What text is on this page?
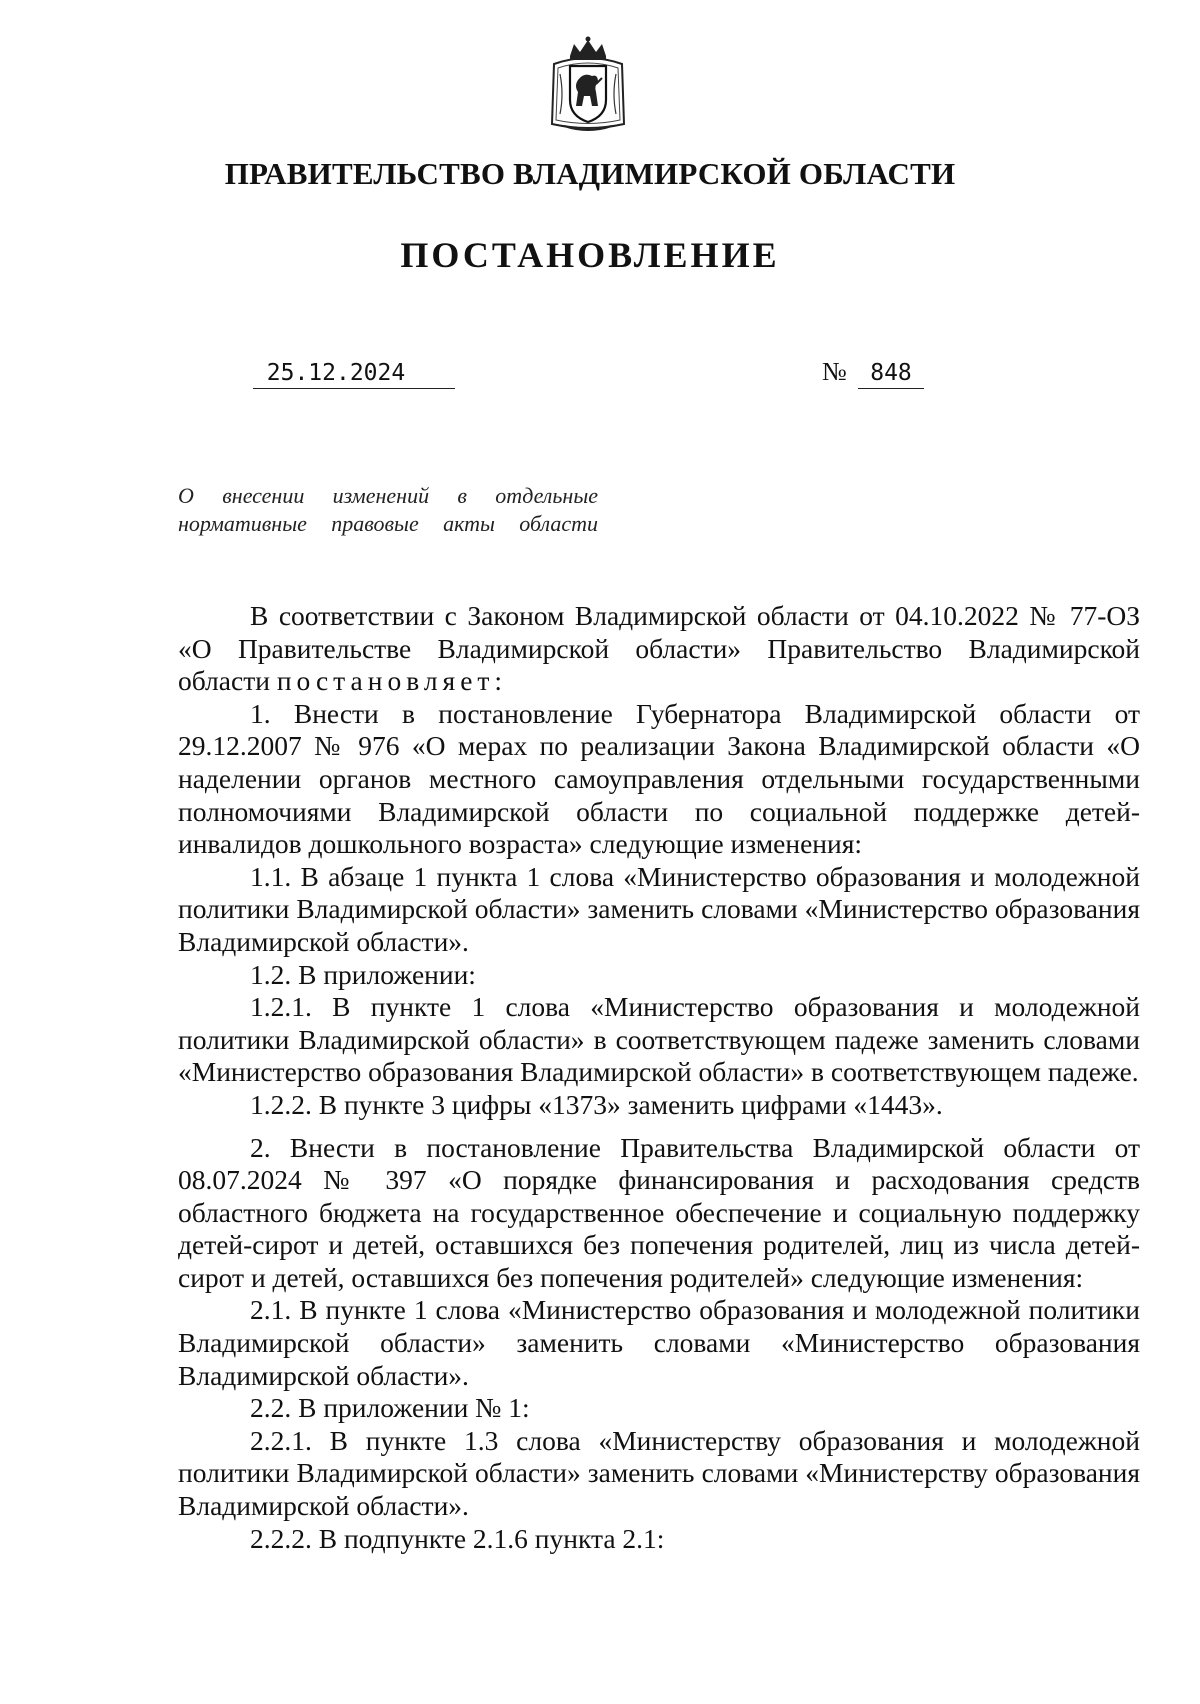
ПРАВИТЕЛЬСТВО ВЛАДИМИРСКОЙ ОБЛАСТИ
ПОСТАНОВЛЕНИЕ
25.12.2024	№	848
О внесении изменений в отдельные
нормативные правовые акты области

В соответствии с Законом Владимирской области от 04.10.2022 № 77-ОЗ «О Правительстве Владимирской области» Правительство Владимирской области постановляет:

1. Внести в постановление Губернатора Владимирской области от 29.12.2007 № 976 «О мерах по реализации Закона Владимирской области «О наделении органов местного самоуправления отдельными государственными полномочиями Владимирской области по социальной поддержке детей-инвалидов дошкольного возраста» следующие изменения:

1.1. В абзаце 1 пункта 1 слова «Министерство образования и молодежной политики Владимирской области» заменить словами «Министерство образования Владимирской области».

1.2. В приложении:

1.2.1. В пункте 1 слова «Министерство образования и молодежной политики Владимирской области» в соответствующем падеже заменить словами «Министерство образования Владимирской области» в соответствующем падеже.

1.2.2. В пункте 3 цифры «1373» заменить цифрами «1443».

2. Внести в постановление Правительства Владимирской области от 08.07.2024 № 397 «О порядке финансирования и расходования средств областного бюджета на государственное обеспечение и социальную поддержку детей-сирот и детей, оставшихся без попечения родителей, лиц из числа детей-сирот и детей, оставшихся без попечения родителей» следующие изменения:

2.1. В пункте 1 слова «Министерство образования и молодежной политики Владимирской области» заменить словами «Министерство образования Владимирской области».

2.2. В приложении № 1:

2.2.1. В пункте 1.3 слова «Министерству образования и молодежной политики Владимирской области» заменить словами «Министерству образования Владимирской области».

2.2.2. В подпункте 2.1.6 пункта 2.1:
